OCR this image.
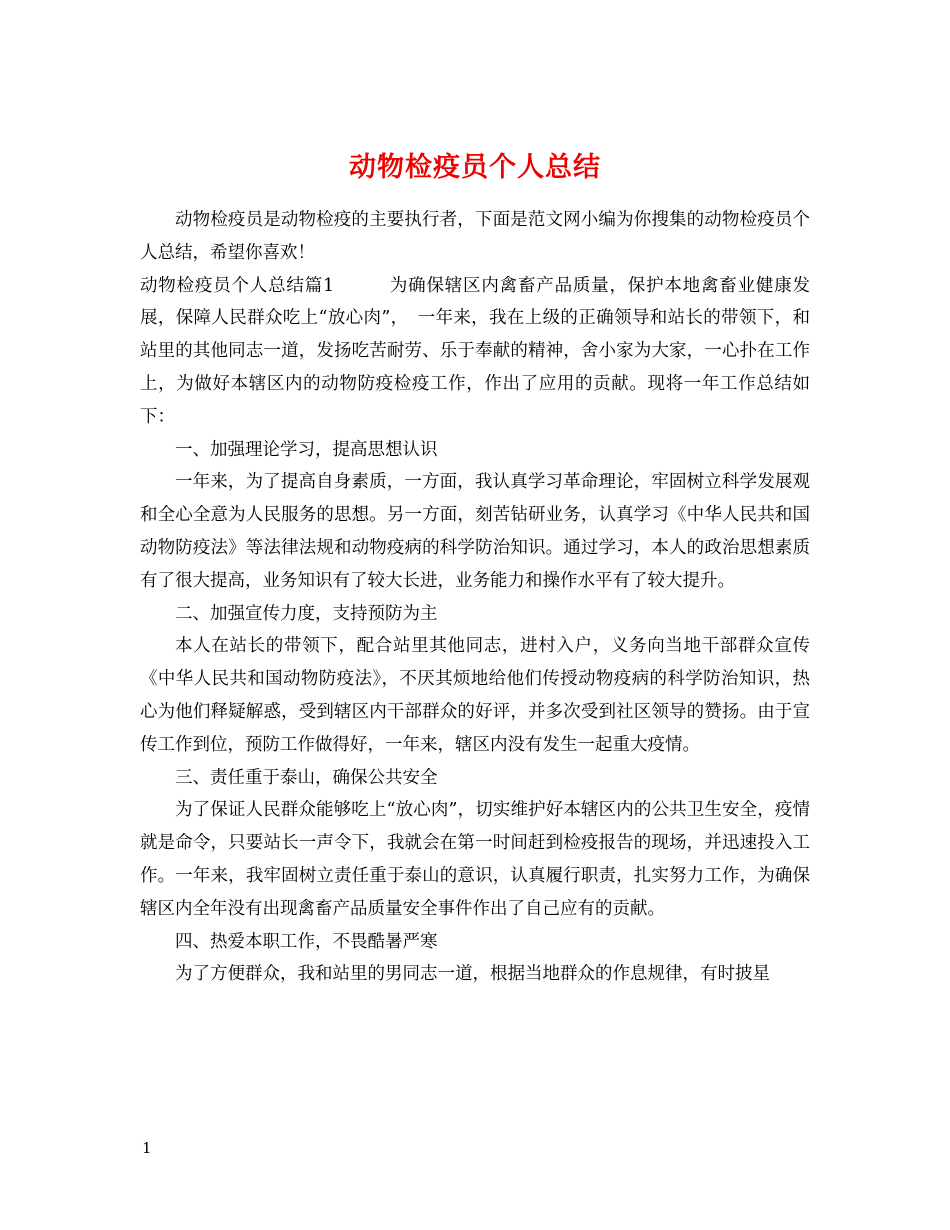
动物检疫员个人总结

动物检疫员是动物检疫的主要执行者，下面是范文网小编为你搜集的动物检疫员个人总结，希望你喜欢！

动物检疫员个人总结篇1　　　为确保辖区内禽畜产品质量，保护本地禽畜业健康发展，保障人民群众吃上“放心肉”，　一年来，我在上级的正确领导和站长的带领下，和站里的其他同志一道，发扬吃苦耐劳、乐于奉献的精神，舍小家为大家，一心扑在工作上，为做好本辖区内的动物防疫检疫工作，作出了应用的贡献。现将一年工作总结如下：

一、加强理论学习，提高思想认识

一年来，为了提高自身素质，一方面，我认真学习革命理论，牢固树立科学发展观和全心全意为人民服务的思想。另一方面，刻苦钻研业务，认真学习《中华人民共和国动物防疫法》等法律法规和动物疫病的科学防治知识。通过学习，本人的政治思想素质有了很大提高，业务知识有了较大长进，业务能力和操作水平有了较大提升。

二、加强宣传力度，支持预防为主

本人在站长的带领下，配合站里其他同志，进村入户，义务向当地干部群众宣传《中华人民共和国动物防疫法》，不厌其烦地给他们传授动物疫病的科学防治知识，热心为他们释疑解惑，受到辖区内干部群众的好评，并多次受到社区领导的赞扬。由于宣传工作到位，预防工作做得好，一年来，辖区内没有发生一起重大疫情。

三、责任重于泰山，确保公共安全

为了保证人民群众能够吃上“放心肉”，切实维护好本辖区内的公共卫生安全，疫情就是命令，只要站长一声令下，我就会在第一时间赶到检疫报告的现场，并迅速投入工作。一年来，我牢固树立责任重于泰山的意识，认真履行职责，扎实努力工作，为确保辖区内全年没有出现禽畜产品质量安全事件作出了自己应有的贡献。

四、热爱本职工作，不畏酷暑严寒

为了方便群众，我和站里的男同志一道，根据当地群众的作息规律，有时披星

1
